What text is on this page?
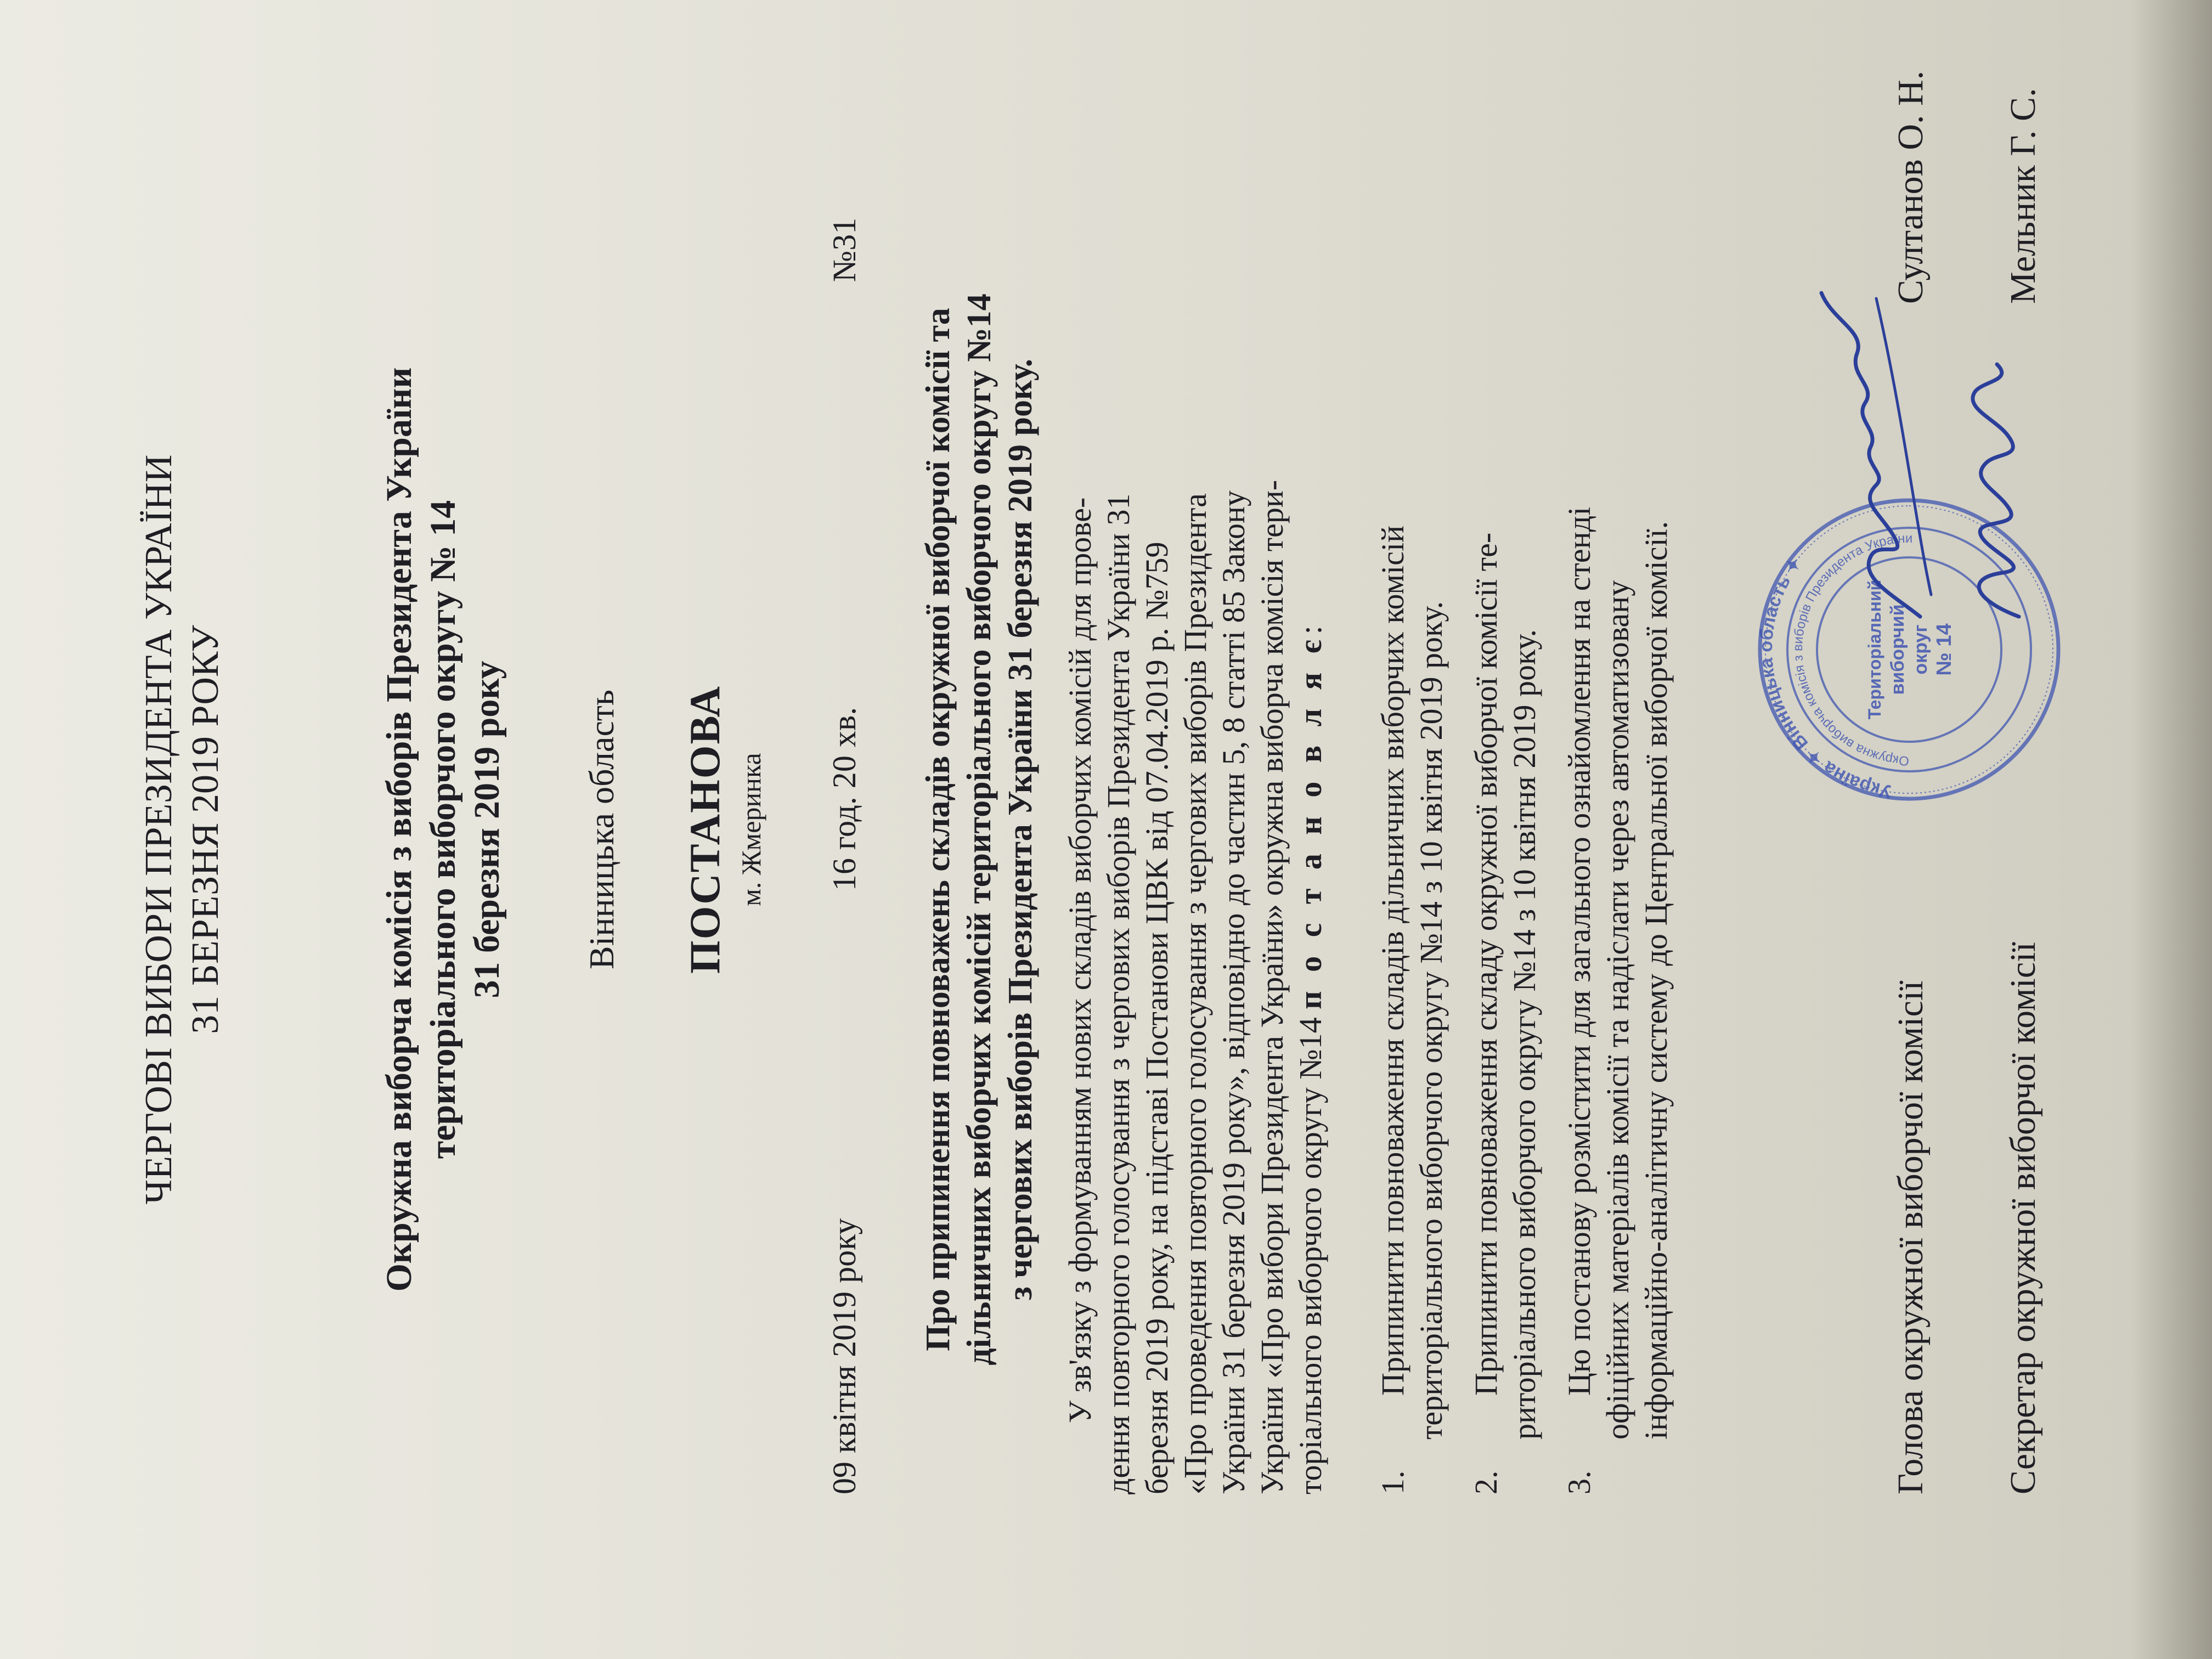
ЧЕРГОВІ ВИБОРИ ПРЕЗИДЕНТА УКРАЇНИ 31 БЕРЕЗНЯ 2019 РОКУ	Окружна виборча комісія з виборів Президента України територіального виборчого округу № 14 31 березня 2019 року Вінницька область ПОСТАНОВА м. Жмеринка
09 квітня 2019 року
16 год. 20 хв.
№31
Про припинення повноважень складів окружної виборчої комісії та дільничних виборчих комісій територіального виборчого округу №14 з чергових виборів Президента України 31 березня 2019 року. У зв'язку з формуванням нових складів виборчих комісій для прове- дення повторного голосування з чергових виборів Президента України 31 березня 2019 року, на підставі Постанови ЦВК від 07.04.2019 р. №759 «Про проведення повторного голосування з чергових виборів Президента України 31 березня 2019 року», відповідно до частин 5, 8 статті 85 Закону України «Про вибори Президента України» окружна виборча комісія тери- торіального виборчого округу №14 п о с т а н о в л я є:
1.
Припинити повноваження складів дільничних виборчих комісій територіального виборчого округу №14 з 10 квітня 2019 року.
2.
Припинити повноваження складу окружної виборчої комісії те- риторіального виборчого округу №14 з 10 квітня 2019 року.
3.
Цю постанову розмістити для загального ознайомлення на стенді офіційних матеріалів комісії та надіслати через автоматизовану інформаційно-аналітичну систему до Центральної виборчої комісії.	Україна ✦ Вінницька область ✦
Окружна виборча комісія з виборів Президента України
Територіальний виборчий округ № 14
Голова окружної виборчої комісії
Султанов О. Н.
Секретар окружної виборчої комісії
Мельник Г. С.
